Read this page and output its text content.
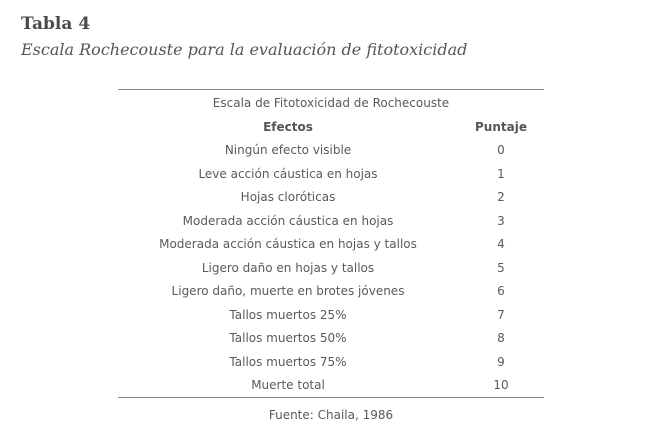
Tabla 4
Escala Rochecouste para la evaluación de fitotoxicidad
Escala de Fitotoxicidad de Rochecouste	
Efectos	Puntaje
Ningún efecto visible	0
Leve acción cáustica en hojas	1
Hojas cloróticas	2
Moderada acción cáustica en hojas	3
Moderada acción cáustica en hojas y tallos	4
Ligero daño en hojas y tallos	5
Ligero daño, muerte en brotes jóvenes	6
Tallos muertos 25%	7
Tallos muertos 50%	8
Tallos muertos 75%	9
Muerte total	10
Fuente: Chaila, 1986
